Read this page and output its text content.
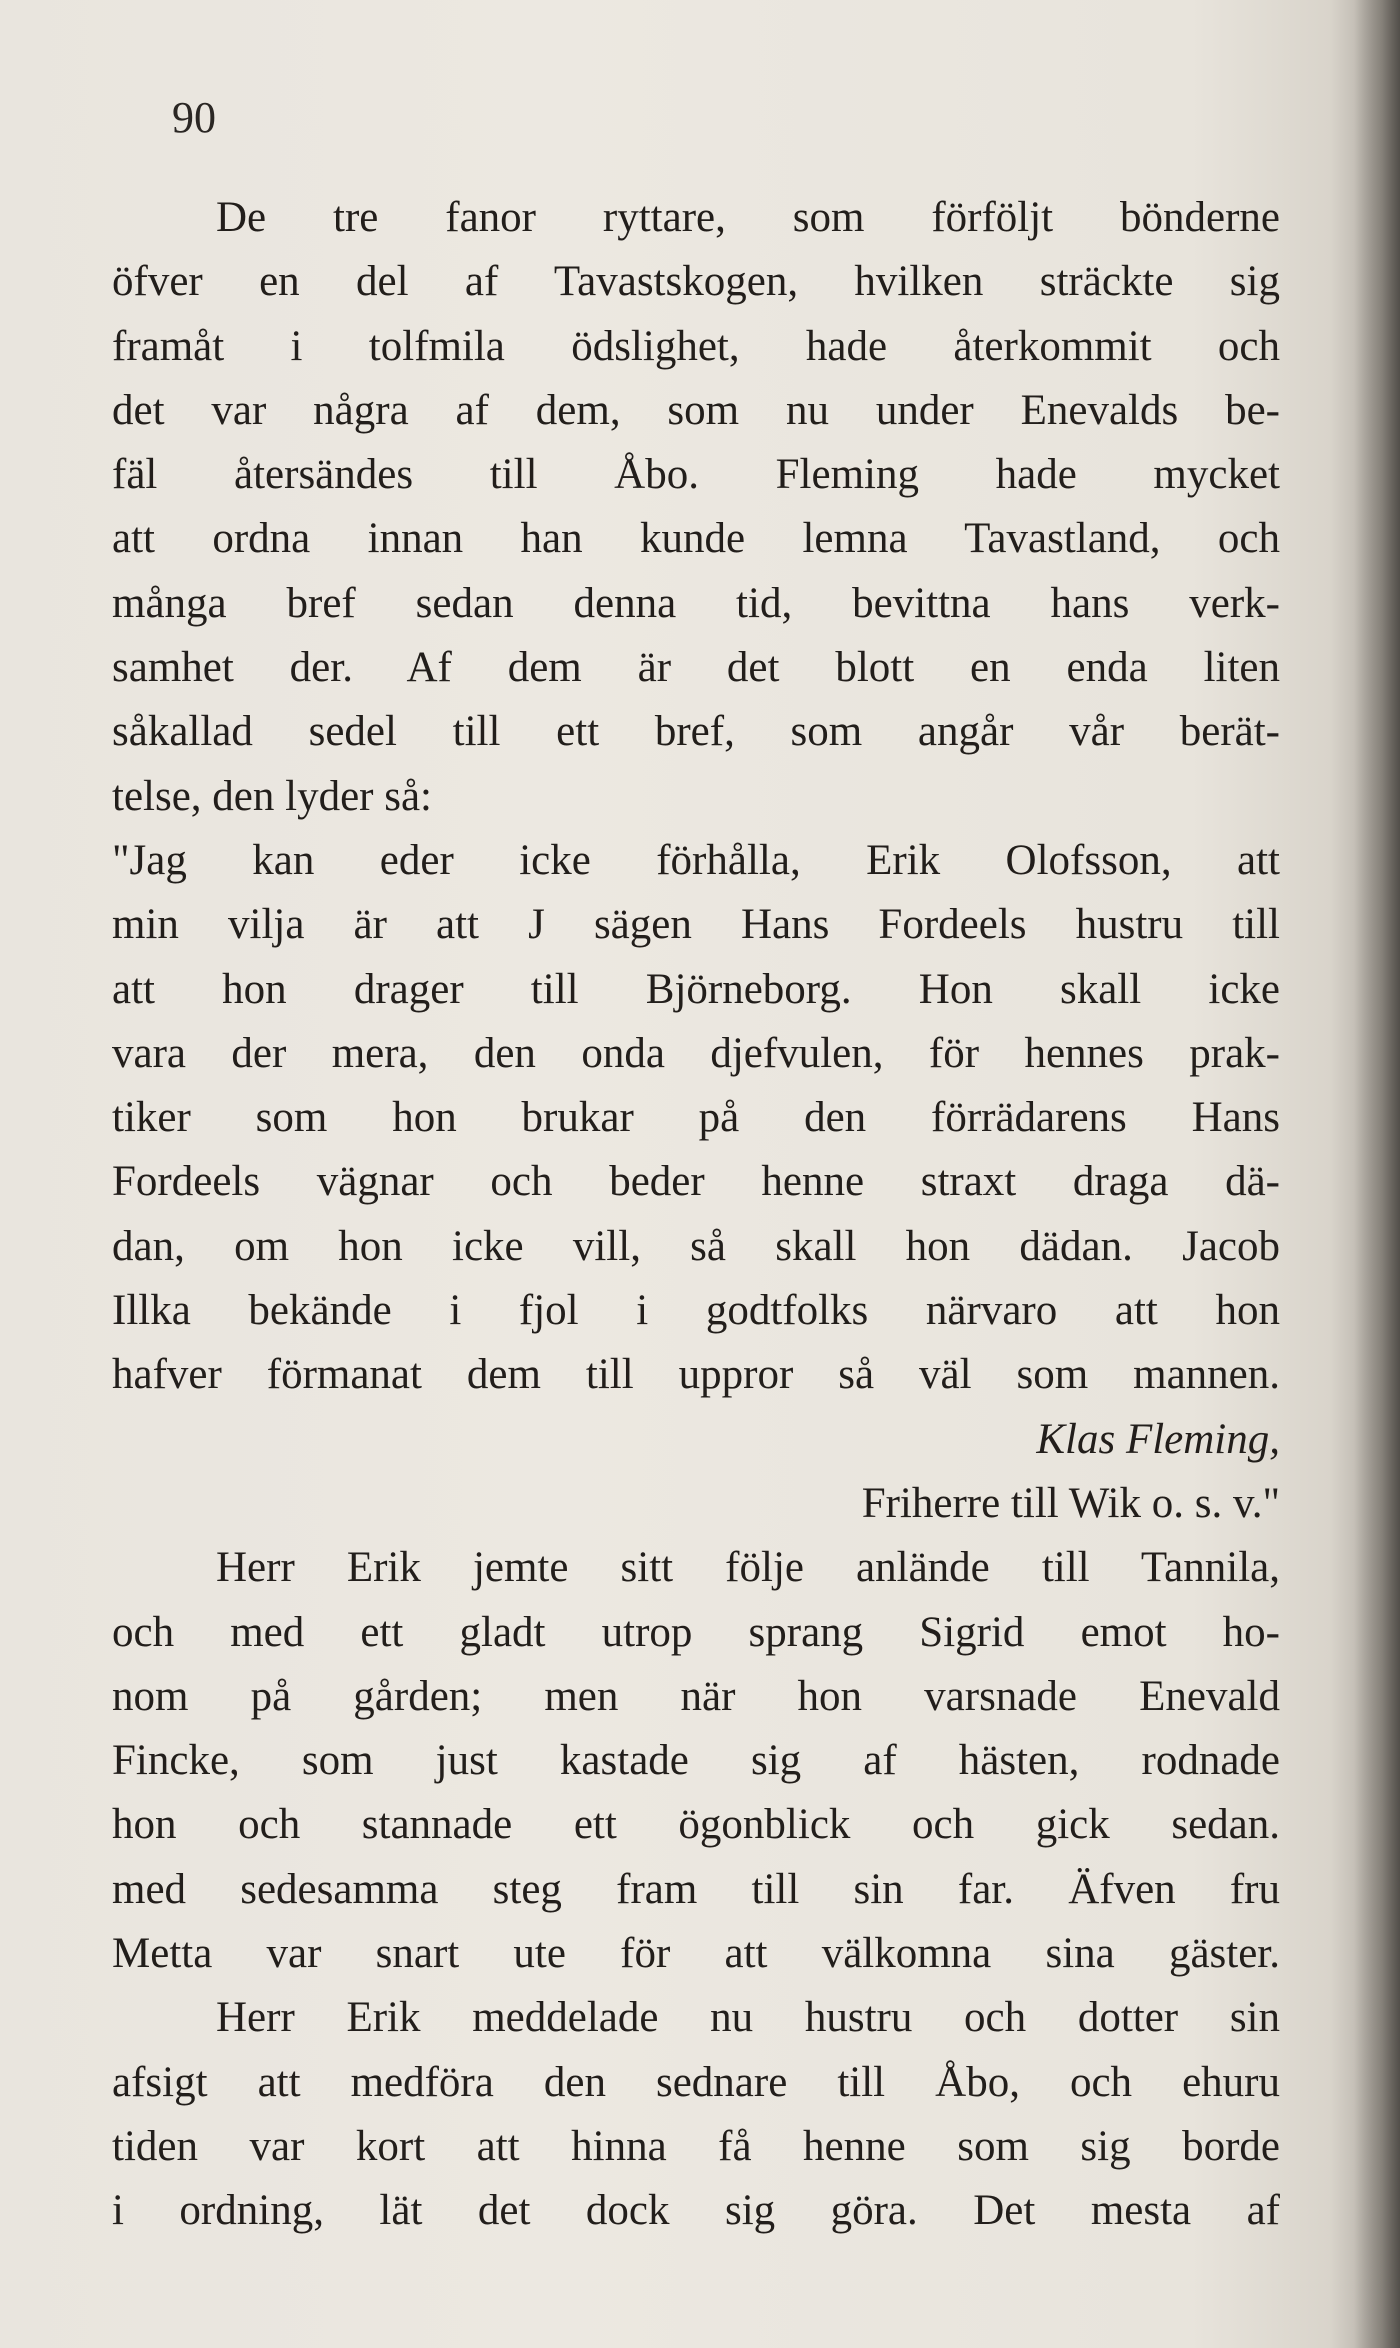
90
De tre fanor ryttare, som förföljt bönderne
öfver en del af Tavastskogen, hvilken sträckte sig
framåt i tolfmila ödslighet, hade återkommit och
det var några af dem, som nu under Enevalds be-
fäl återsändes till Åbo. Fleming hade mycket
att ordna innan han kunde lemna Tavastland, och
många bref sedan denna tid, bevittna hans verk-
samhet der. Af dem är det blott en enda liten
såkallad sedel till ett bref, som angår vår berät-
telse, den lyder så:
"Jag kan eder icke förhålla, Erik Olofsson, att
min vilja är att J sägen Hans Fordeels hustru till
att hon drager till Björneborg. Hon skall icke
vara der mera, den onda djefvulen, för hennes prak-
tiker som hon brukar på den förrädarens Hans
Fordeels vägnar och beder henne straxt draga dä-
dan, om hon icke vill, så skall hon dädan. Jacob
Illka bekände i fjol i godtfolks närvaro att hon
hafver förmanat dem till uppror så väl som mannen.
Klas Fleming,
Friherre till Wik o. s. v."
Herr Erik jemte sitt följe anlände till Tannila,
och med ett gladt utrop sprang Sigrid emot ho-
nom på gården; men när hon varsnade Enevald
Fincke, som just kastade sig af hästen, rodnade
hon och stannade ett ögonblick och gick sedan.
med sedesamma steg fram till sin far. Äfven fru
Metta var snart ute för att välkomna sina gäster.
Herr Erik meddelade nu hustru och dotter sin
afsigt att medföra den sednare till Åbo, och ehuru
tiden var kort att hinna få henne som sig borde
i ordning, lät det dock sig göra. Det mesta af
